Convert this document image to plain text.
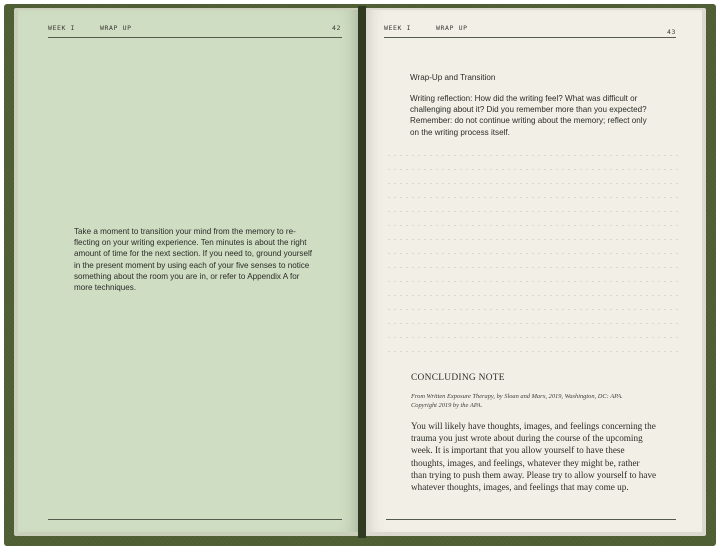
WEEK I	WRAP UP	42
Take a moment to transition your mind from the memory to re-
flecting on your writing experience. Ten minutes is about the right
amount of time for the next section. If you need to, ground yourself
in the present moment by using each of your five senses to notice
something about the room you are in, or refer to Appendix A for
more techniques.
WEEK I	WRAP UP	43
Wrap-Up and Transition
Writing reflection: How did the writing feel? What was difficult or
challenging about it? Did you remember more than you expected?
Remember: do not continue writing about the memory; reflect only
on the writing process itself.
CONCLUDING NOTE
From Written Exposure Therapy, by Sloan and Marx, 2019, Washington, DC: APA.
Copyright 2019 by the APA.
You will likely have thoughts, images, and feelings concerning the
trauma you just wrote about during the course of the upcoming
week. It is important that you allow yourself to have these
thoughts, images, and feelings, whatever they might be, rather
than trying to push them away. Please try to allow yourself to have
whatever thoughts, images, and feelings that may come up.
